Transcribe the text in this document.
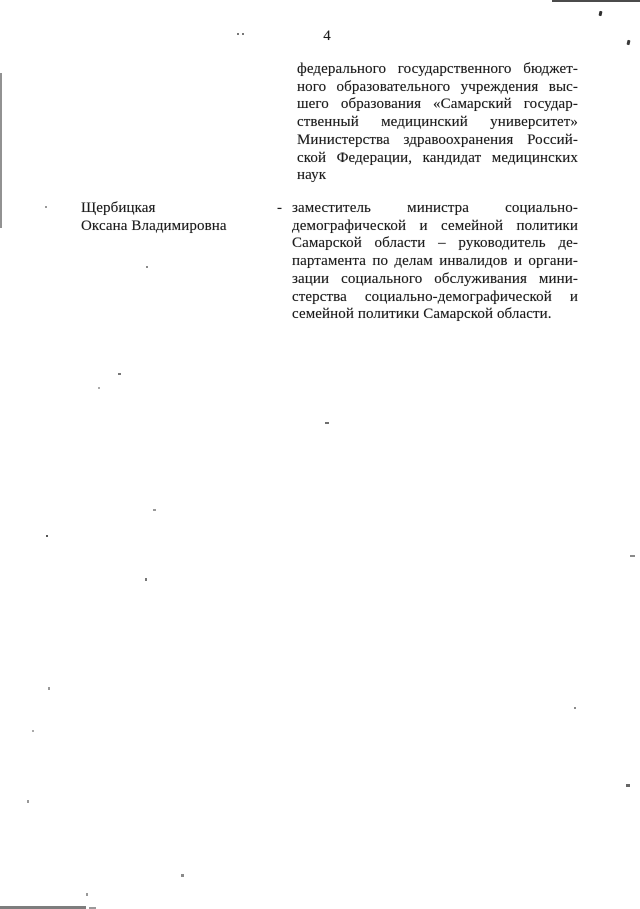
4
федерального государственного бюджет-
ного образовательного учреждения выс-
шего образования «Самарский государ-
ственный медицинский университет»
Министерства здравоохранения Россий-
ской Федерации, кандидат медицинских
наук
Щербицкая
Оксана Владимировна
- заместитель министра социально-
демографической и семейной политики
Самарской области – руководитель де-
партамента по делам инвалидов и органи-
зации социального обслуживания мини-
стерства социально-демографической и
семейной политики Самарской области.
